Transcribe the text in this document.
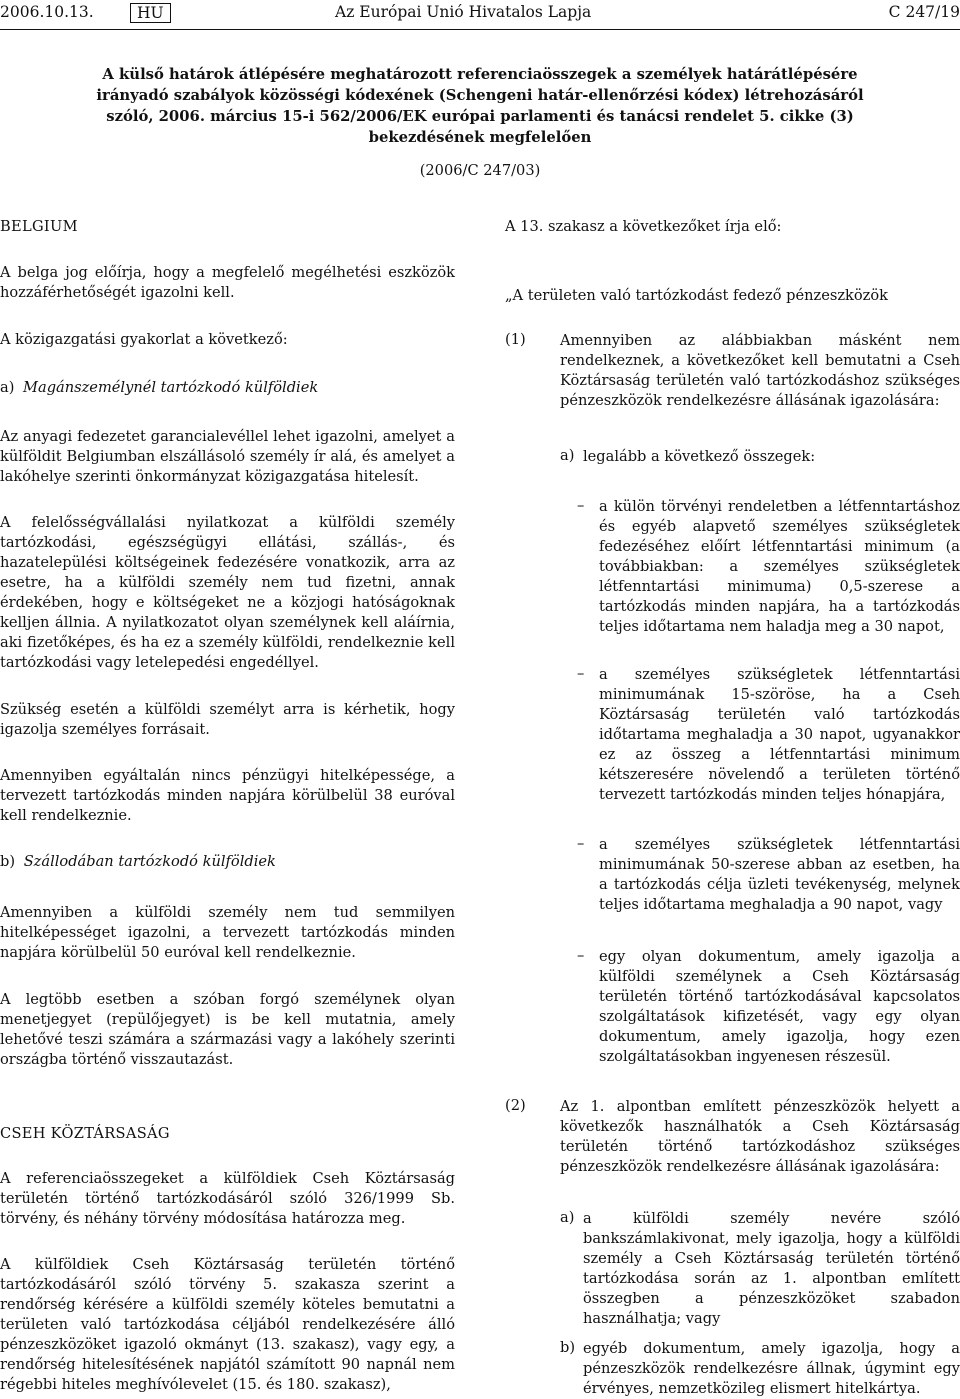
2006.10.13.	HU	Az Európai Unió Hivatalos Lapja	C 247/19
A külső határok átlépésére meghatározott referenciaösszegek a személyek határátlépésére irányadó szabályok közösségi kódexének (Schengeni határ-ellenőrzési kódex) létrehozásáról szóló, 2006. március 15-i 562/2006/EK európai parlamenti és tanácsi rendelet 5. cikke (3) bekezdésének megfelelően
(2006/C 247/03)

BELGIUM

A belga jog előírja, hogy a megfelelő megélhetési eszközök hozzáférhetőségét igazolni kell.

A közigazgatási gyakorlat a következő:

a) Magánszemélynél tartózkodó külföldiek

Az anyagi fedezetet garancialevéllel lehet igazolni, amelyet a külföldit Belgiumban elszállásoló személy ír alá, és amelyet a lakóhelye szerinti önkormányzat közigazgatása hitelesít.

A felelősségvállalási nyilatkozat a külföldi személy tartózkodási, egészségügyi ellátási, szállás-, és hazatelepülési költségeinek fedezésére vonatkozik, arra az esetre, ha a külföldi személy nem tud fizetni, annak érdekében, hogy e költségeket ne a közjogi hatóságoknak kelljen állnia. A nyilatkozatot olyan személynek kell aláírnia, aki fizetőképes, és ha ez a személy külföldi, rendelkeznie kell tartózkodási vagy letelepedési engedéllyel.

Szükség esetén a külföldi személyt arra is kérhetik, hogy igazolja személyes forrásait.

Amennyiben egyáltalán nincs pénzügyi hitelképessége, a tervezett tartózkodás minden napjára körülbelül 38 euróval kell rendelkeznie.

b) Szállodában tartózkodó külföldiek

Amennyiben a külföldi személy nem tud semmilyen hitelképességet igazolni, a tervezett tartózkodás minden napjára körülbelül 50 euróval kell rendelkeznie.

A legtöbb esetben a szóban forgó személynek olyan menetjegyet (repülőjegyet) is be kell mutatnia, amely lehetővé teszi számára a származási vagy a lakóhely szerinti országba történő visszautazást.

CSEH KÖZTÁRSASÁG

A referenciaösszegeket a külföldiek Cseh Köztársaság területén történő tartózkodásáról szóló 326/1999 Sb. törvény, és néhány törvény módosítása határozza meg.

A külföldiek Cseh Köztársaság területén történő tartózkodásáról szóló törvény 5. szakasza szerint a rendőrség kérésére a külföldi személy köteles bemutatni a területen való tartózkodása céljából rendelkezésére álló pénzeszközöket igazoló okmányt (13. szakasz), vagy egy, a rendőrség hitelesítésének napjától számított 90 napnál nem régebbi hiteles meghívólevelet (15. és 180. szakasz),

A 13. szakasz a következőket írja elő:

„A területen való tartózkodást fedező pénzeszközök

(1) Amennyiben az alábbiakban másként nem rendelkeznek, a következőket kell bemutatni a Cseh Köztársaság területén való tartózkodáshoz szükséges pénzeszközök rendelkezésre állásának igazolására:

a) legalább a következő összegek:

– a külön törvényi rendeletben a létfenntartáshoz és egyéb alapvető személyes szükségletek fedezéséhez előírt létfenntartási minimum (a továbbiakban: a személyes szükségletek létfenntartási minimuma) 0,5-szerese a tartózkodás minden napjára, ha a tartózkodás teljes időtartama nem haladja meg a 30 napot,

– a személyes szükségletek létfenntartási minimumának 15-szöröse, ha a Cseh Köztársaság területén való tartózkodás időtartama meghaladja a 30 napot, ugyanakkor ez az összeg a létfenntartási minimum kétszeresére növelendő a területen történő tervezett tartózkodás minden teljes hónapjára,

– a személyes szükségletek létfenntartási minimumának 50-szerese abban az esetben, ha a tartózkodás célja üzleti tevékenység, melynek teljes időtartama meghaladja a 90 napot, vagy

– egy olyan dokumentum, amely igazolja a külföldi személynek a Cseh Köztársaság területén történő tartózkodásával kapcsolatos szolgáltatások kifizetését, vagy egy olyan dokumentum, amely igazolja, hogy ezen szolgáltatásokban ingyenesen részesül.

(2) Az 1. alpontban említett pénzeszközök helyett a következők használhatók a Cseh Köztársaság területén történő tartózkodáshoz szükséges pénzeszközök rendelkezésre állásának igazolására:

a) a külföldi személy nevére szóló bankszámlakivonat, mely igazolja, hogy a külföldi személy a Cseh Köztársaság területén történő tartózkodása során az 1. alpontban említett összegben a pénzeszközöket szabadon használhatja; vagy

b) egyéb dokumentum, amely igazolja, hogy a pénzeszközök rendelkezésre állnak, úgymint egy érvényes, nemzetközileg elismert hitelkártya.
